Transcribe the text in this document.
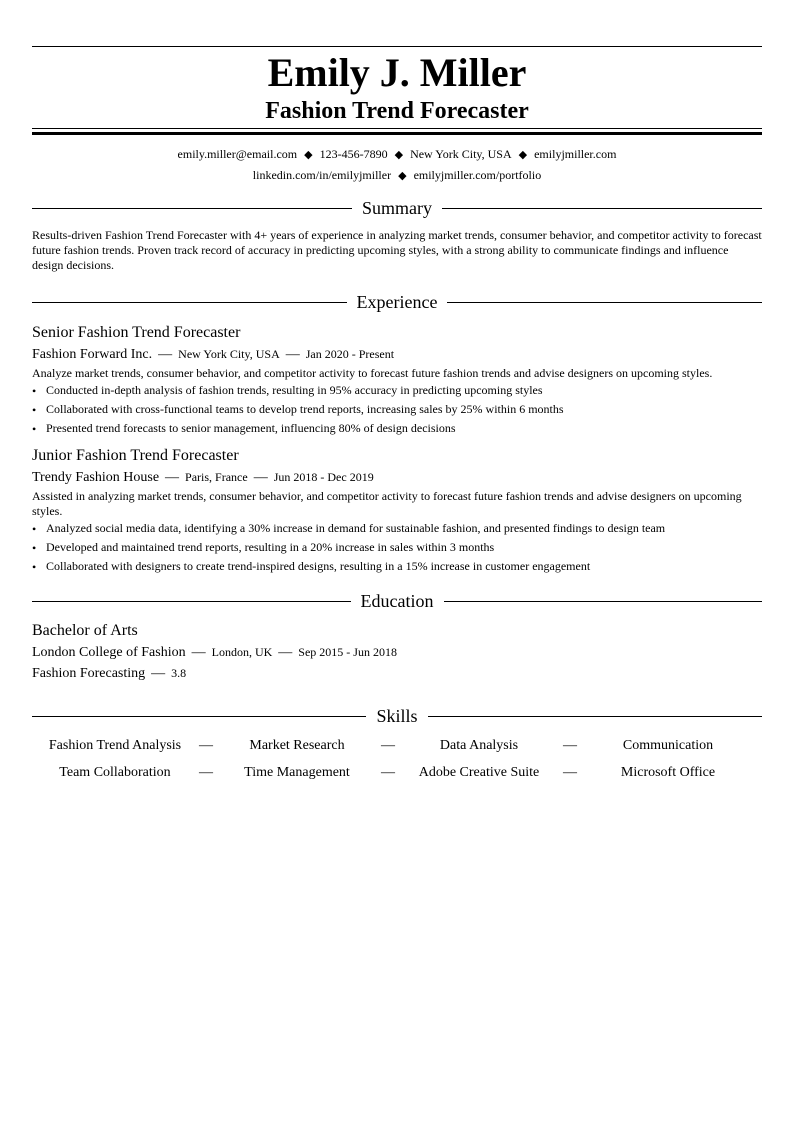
Emily J. Miller
Fashion Trend Forecaster
emily.miller@email.com ◆ 123-456-7890 ◆ New York City, USA ◆ emilyjmiller.com
linkedin.com/in/emilyjmiller ◆ emilyjmiller.com/portfolio
Summary
Results-driven Fashion Trend Forecaster with 4+ years of experience in analyzing market trends, consumer behavior, and competitor activity to forecast future fashion trends. Proven track record of accuracy in predicting upcoming styles, with a strong ability to communicate findings and influence design decisions.
Experience
Senior Fashion Trend Forecaster
Fashion Forward Inc. — New York City, USA — Jan 2020 - Present
Analyze market trends, consumer behavior, and competitor activity to forecast future fashion trends and advise designers on upcoming styles.
• Conducted in-depth analysis of fashion trends, resulting in 95% accuracy in predicting upcoming styles
• Collaborated with cross-functional teams to develop trend reports, increasing sales by 25% within 6 months
• Presented trend forecasts to senior management, influencing 80% of design decisions
Junior Fashion Trend Forecaster
Trendy Fashion House — Paris, France — Jun 2018 - Dec 2019
Assisted in analyzing market trends, consumer behavior, and competitor activity to forecast future fashion trends and advise designers on upcoming styles.
• Analyzed social media data, identifying a 30% increase in demand for sustainable fashion, and presented findings to design team
• Developed and maintained trend reports, resulting in a 20% increase in sales within 3 months
• Collaborated with designers to create trend-inspired designs, resulting in a 15% increase in customer engagement
Education
Bachelor of Arts
London College of Fashion — London, UK — Sep 2015 - Jun 2018
Fashion Forecasting — 3.8
Skills
Fashion Trend Analysis	—	Market Research	—	Data Analysis	—	Communication
Team Collaboration	—	Time Management	—	Adobe Creative Suite	—	Microsoft Office
